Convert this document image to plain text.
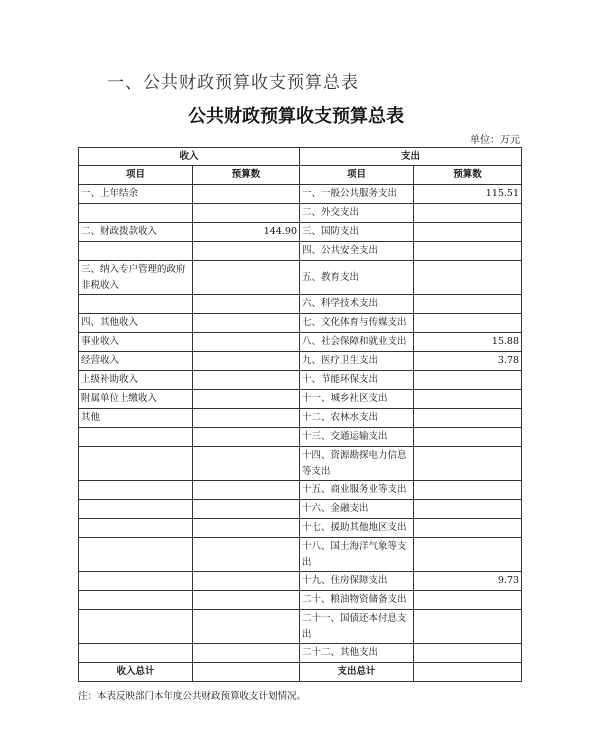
一、公共财政预算收支预算总表
公共财政预算收支预算总表
单位：万元
收入		支出	
项目	预算数	项目	预算数
一、上年结余		一、一般公共服务支出	115.51
		二、外交支出	
二、财政拨款收入	144.90	三、国防支出	
		四、公共安全支出	
三、纳入专户管理的政府非税收入		五、教育支出	
		六、科学技术支出	
四、其他收入		七、文化体育与传媒支出	
事业收入		八、社会保障和就业支出	15.88
经营收入		九、医疗卫生支出	3.78
上级补助收入		十、节能环保支出	
附属单位上缴收入		十一、城乡社区支出	
其他		十二、农林水支出	
		十三、交通运输支出	
		十四、资源勘探电力信息等支出	
		十五、商业服务业等支出	
		十六、金融支出	
		十七、援助其他地区支出	
		十八、国土海洋气象等支出	
		十九、住房保障支出	9.73
		二十、粮油物资储备支出	
		二十一、国债还本付息支出	
		二十二、其他支出	
收入总计		支出总计	
注：本表反映部门本年度公共财政预算收支计划情况。
